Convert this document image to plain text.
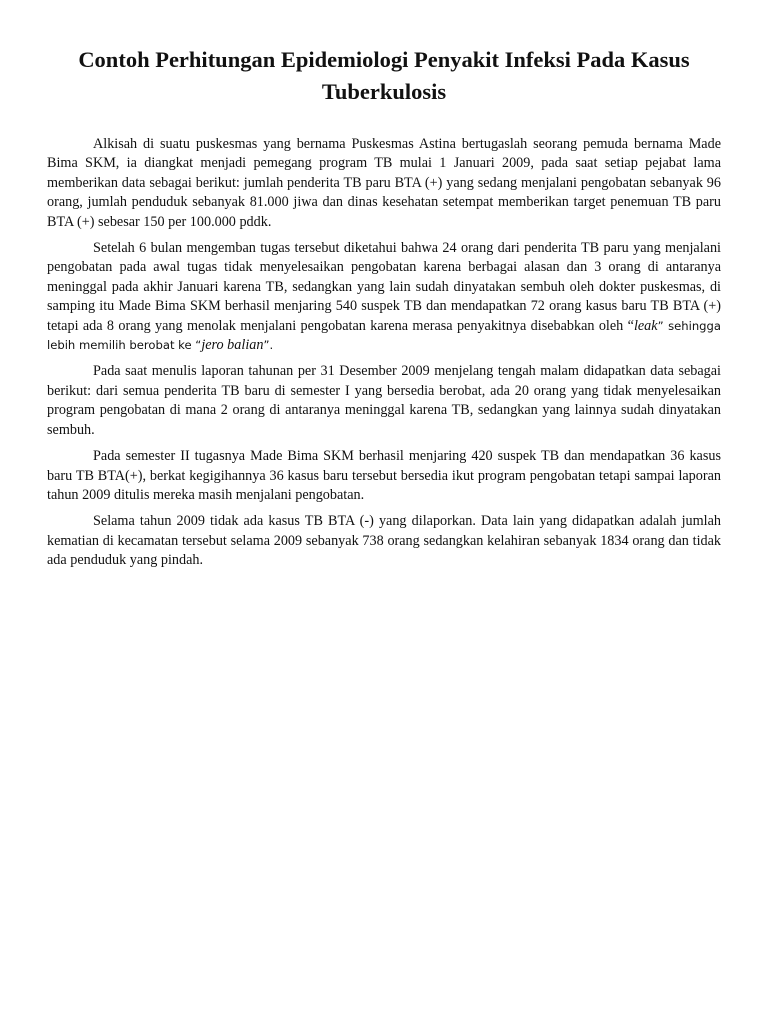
Contoh Perhitungan Epidemiologi Penyakit Infeksi Pada Kasus Tuberkulosis

Alkisah di suatu puskesmas yang bernama Puskesmas Astina bertugaslah seorang pemuda bernama Made Bima SKM, ia diangkat menjadi pemegang program TB mulai 1 Januari 2009, pada saat setiap pejabat lama memberikan data sebagai berikut: jumlah penderita TB paru BTA (+) yang sedang menjalani pengobatan sebanyak 96 orang, jumlah penduduk sebanyak 81.000 jiwa dan dinas kesehatan setempat memberikan target penemuan TB paru BTA (+) sebesar 150 per 100.000 pddk.

Setelah 6 bulan mengemban tugas tersebut diketahui bahwa 24 orang dari penderita TB paru yang menjalani pengobatan pada awal tugas tidak menyelesaikan pengobatan karena berbagai alasan dan 3 orang di antaranya meninggal pada akhir Januari karena TB, sedangkan yang lain sudah dinyatakan sembuh oleh dokter puskesmas, di samping itu Made Bima SKM berhasil menjaring 540 suspek TB dan mendapatkan 72 orang kasus baru TB BTA (+) tetapi ada 8 orang yang menolak menjalani pengobatan karena merasa penyakitnya disebabkan oleh “leak” sehingga lebih memilih berobat ke “jero balian”.

Pada saat menulis laporan tahunan per 31 Desember 2009 menjelang tengah malam didapatkan data sebagai berikut: dari semua penderita TB baru di semester I yang bersedia berobat, ada 20 orang yang tidak menyelesaikan program pengobatan di mana 2 orang di antaranya meninggal karena TB, sedangkan yang lainnya sudah dinyatakan sembuh.

Pada semester II tugasnya Made Bima SKM berhasil menjaring 420 suspek TB dan mendapatkan 36 kasus baru TB BTA(+), berkat kegigihannya 36 kasus baru tersebut bersedia ikut program pengobatan tetapi sampai laporan tahun 2009 ditulis mereka masih menjalani pengobatan.

Selama tahun 2009 tidak ada kasus TB BTA (-) yang dilaporkan. Data lain yang didapatkan adalah jumlah kematian di kecamatan tersebut selama 2009 sebanyak 738 orang sedangkan kelahiran sebanyak 1834 orang dan tidak ada penduduk yang pindah.
